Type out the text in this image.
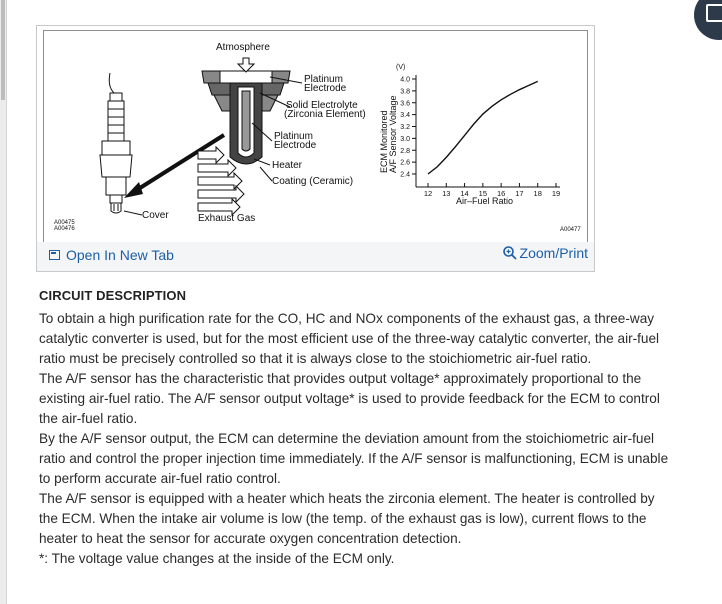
Atmosphere
Platinum
Electrode
Solid Electrolyte
(Zirconia Element)
Platinum
Electrode
Heater
Coating (Ceramic)
Cover	Exhaust Gas
A00475
A00476	A00477
(V)
ECM Monitored A/F Sensor Voltage
Air–Fuel Ratio
2.4
2.6
2.8
3.0
3.2
3.4
3.6
3.8
4.0
12 13 14 15 16 17 18 19
Open In New Tab	Zoom/Print
CIRCUIT DESCRIPTION

To obtain a high purification rate for the CO, HC and NOx components of the exhaust gas, a three-way catalytic converter is used, but for the most efficient use of the three-way catalytic converter, the air-fuel ratio must be precisely controlled so that it is always close to the stoichiometric air-fuel ratio.

The A/F sensor has the characteristic that provides output voltage* approximately proportional to the existing air-fuel ratio. The A/F sensor output voltage* is used to provide feedback for the ECM to control the air-fuel ratio.

By the A/F sensor output, the ECM can determine the deviation amount from the stoichiometric air-fuel ratio and control the proper injection time immediately. If the A/F sensor is malfunctioning, ECM is unable to perform accurate air-fuel ratio control.

The A/F sensor is equipped with a heater which heats the zirconia element. The heater is controlled by the ECM. When the intake air volume is low (the temp. of the exhaust gas is low), current flows to the heater to heat the sensor for accurate oxygen concentration detection.

*: The voltage value changes at the inside of the ECM only.
